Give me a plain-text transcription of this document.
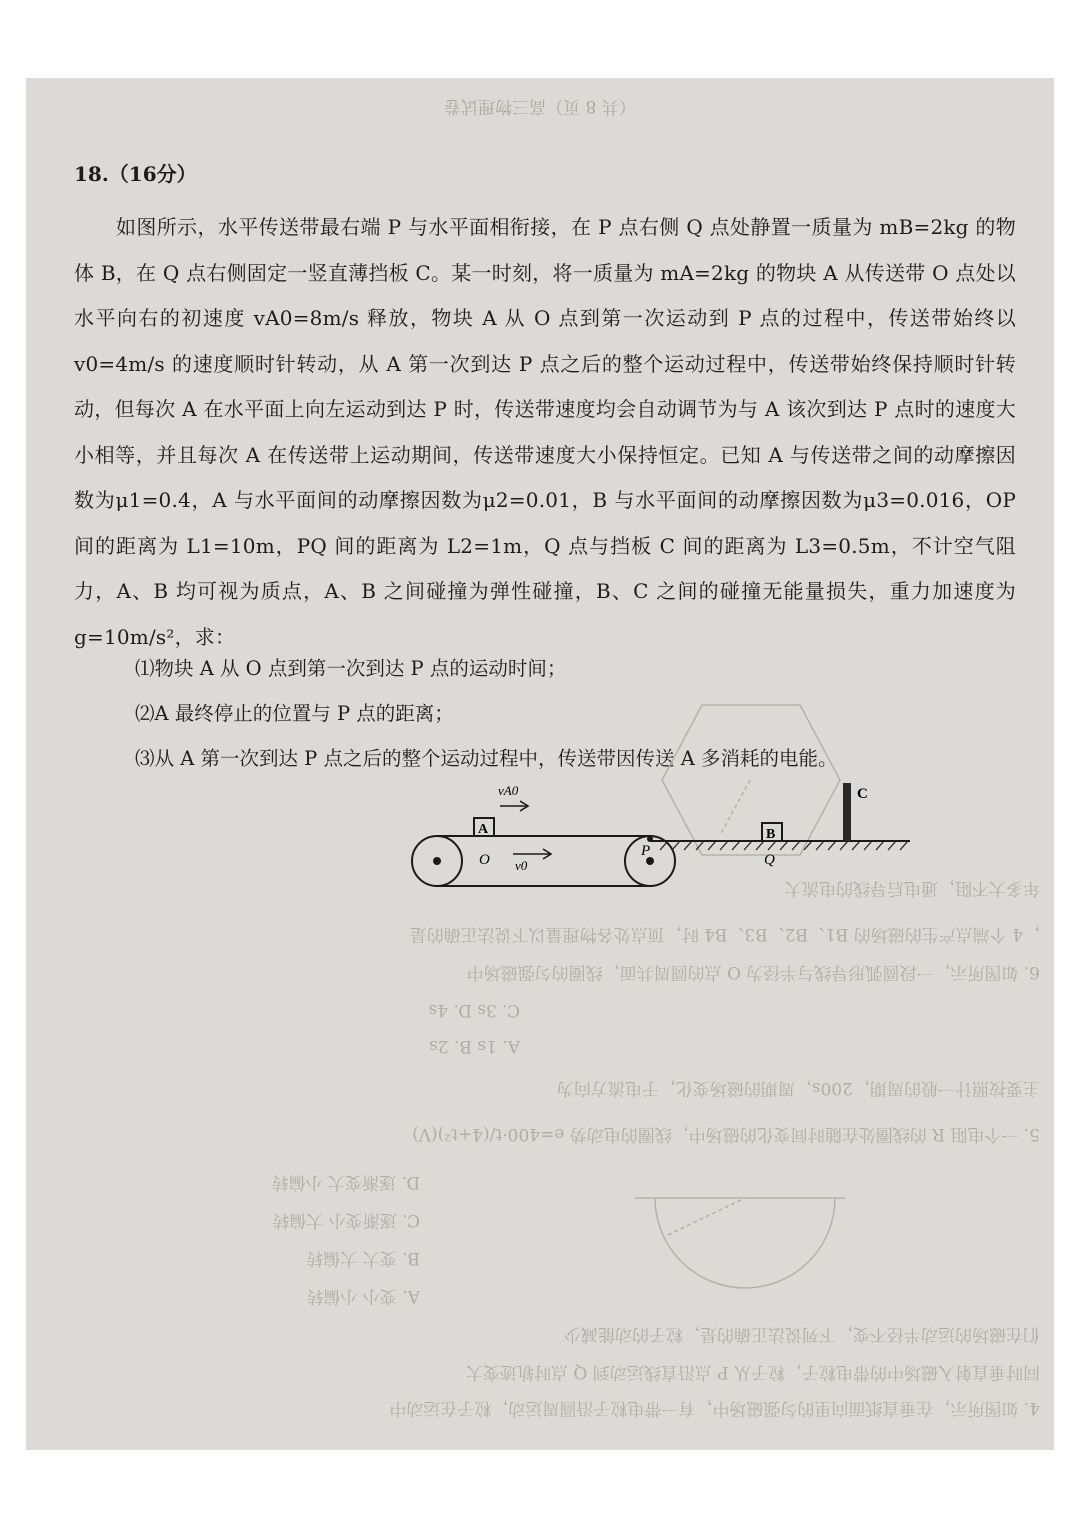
（共 8 页）高三物理试卷
18.（16分）
如图所示，水平传送带最右端 P 与水平面相衔接，在 P 点右侧 Q 点处静置一质量为 mB=2kg 的物体 B，在 Q 点右侧固定一竖直薄挡板 C。某一时刻，将一质量为 mA=2kg 的物块 A 从传送带 O 点处以水平向右的初速度 vA0=8m/s 释放，物块 A 从 O 点到第一次运动到 P 点的过程中，传送带始终以 v0=4m/s 的速度顺时针转动，从 A 第一次到达 P 点之后的整个运动过程中，传送带始终保持顺时针转动，但每次 A 在水平面上向左运动到达 P 时，传送带速度均会自动调节为与 A 该次到达 P 点时的速度大小相等，并且每次 A 在传送带上运动期间，传送带速度大小保持恒定。已知 A 与传送带之间的动摩擦因数为μ1=0.4，A 与水平面间的动摩擦因数为μ2=0.01，B 与水平面间的动摩擦因数为μ3=0.016，OP 间的距离为 L1=10m，PQ 间的距离为 L2=1m，Q 点与挡板 C 间的距离为 L3=0.5m，不计空气阻力，A、B 均可视为质点，A、B 之间碰撞为弹性碰撞，B、C 之间的碰撞无能量损失，重力加速度为 g=10m/s²，求：
⑴物块 A 从 O 点到第一次到达 P 点的运动时间；
⑵A 最终停止的位置与 P 点的距离；
⑶从 A 第一次到达 P 点之后的整个运动过程中，传送带因传送 A 多消耗的电能。
年多大不阻，通电后导线的电流大
，4 个端点产生的磁场的 B1、B2、B3、B4 时，顶点处各物理量以下说法正确的是
6. 如图所示，一段圆弧形导线与半径为 O 点的圆周共面，线圈的匀强磁场中
C. 3s D. 4s
A. 1s B. 2s
主要按照计一般的周期，200s，周期的磁场变化，于电流方向为
5. 一个电阻 R 的线圈处在随时间变化的磁场中，线圈的电动势 e=400·t/(4+t²)(V)
D. 逐渐变大 小偏转
C. 逐渐变小 大偏转
B. 变大 大偏转
A. 变小 小偏转
们在磁场的运动半径不变，下列说法正确的是，粒子的动能减少
同时垂直射入磁场中的带电粒子，粒子从 P 点沿直线运动到 Q 点时轨迹变大
4. 如图所示，在垂直纸面向里的匀强磁场中，有一带电粒子沿圆周运动，粒子在运动中
A	B
C
vA0
v0
O
P
Q
